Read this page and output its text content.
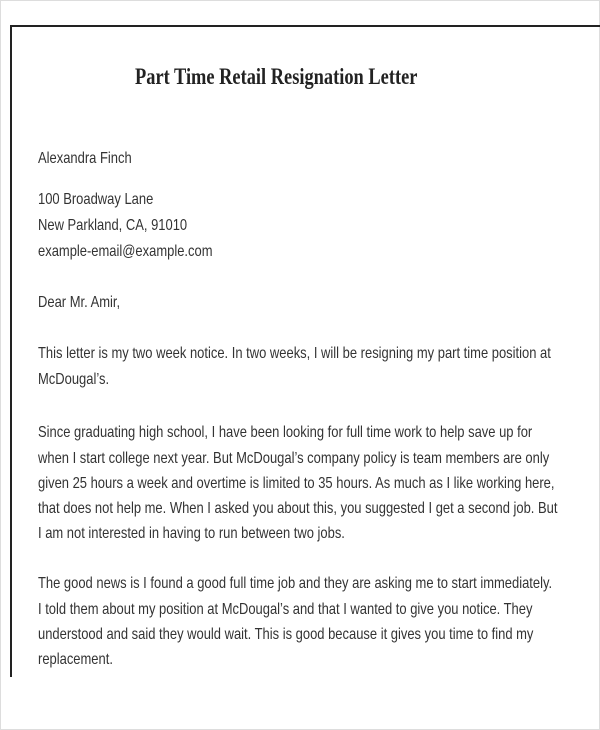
Part Time Retail Resignation Letter
Alexandra Finch
100 Broadway Lane
New Parkland, CA, 91010
example-email@example.com
Dear Mr. Amir,
This letter is my two week notice. In two weeks, I will be resigning my part time position at
McDougal’s.
Since graduating high school, I have been looking for full time work to help save up for
when I start college next year. But McDougal’s company policy is team members are only
given 25 hours a week and overtime is limited to 35 hours. As much as I like working here,
that does not help me. When I asked you about this, you suggested I get a second job. But
I am not interested in having to run between two jobs.
The good news is I found a good full time job and they are asking me to start immediately.
I told them about my position at McDougal’s and that I wanted to give you notice. They
understood and said they would wait. This is good because it gives you time to find my
replacement.
